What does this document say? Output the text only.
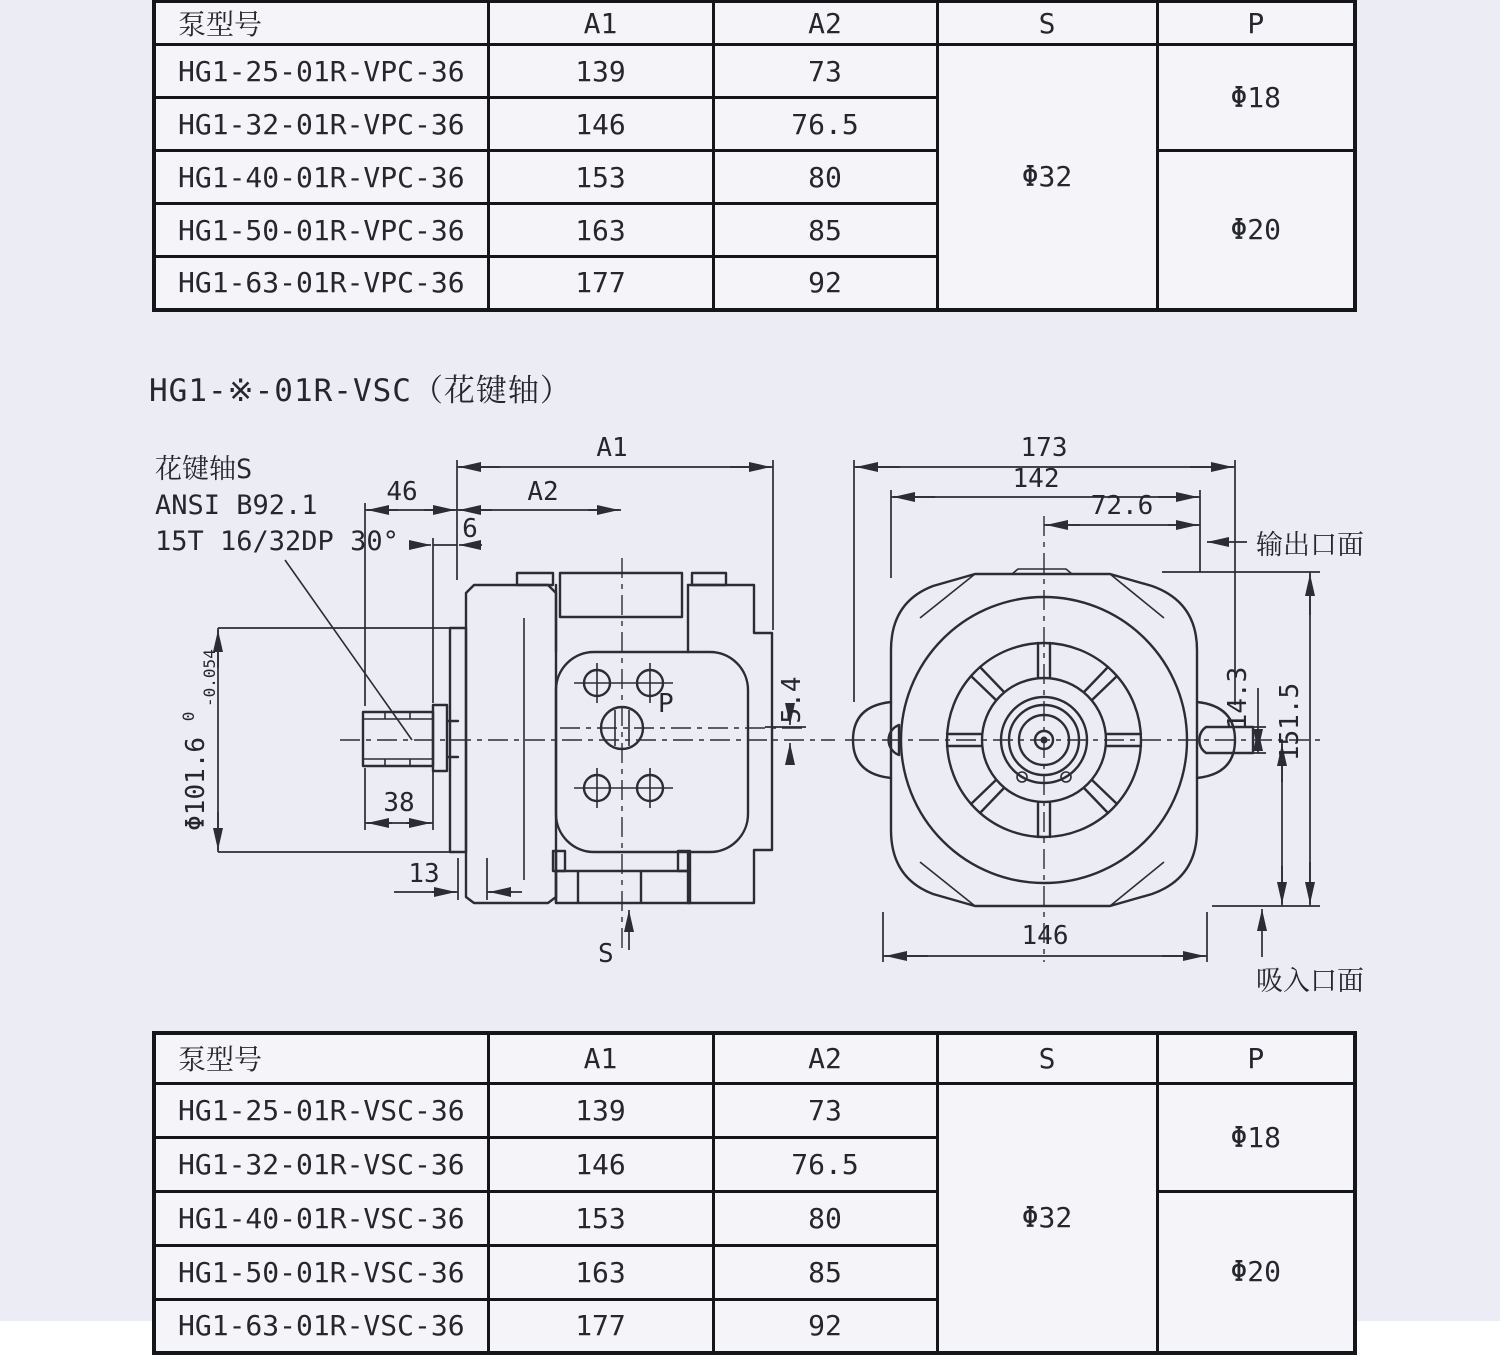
泵型号	A1	A2	S	P
HG1-25-01R-VPC-36	139	73	Φ32	Φ18
HG1-32-01R-VPC-36	146	76.5		
HG1-40-01R-VPC-36	153	80		Φ20
HG1-50-01R-VPC-36	163	85		
HG1-63-01R-VPC-36	177	92		
HG1-※-01R-VSC（花键轴）
花键轴S
ANSI B92.1
15T 16/32DP 30°
A1
46	A2
6
38
13
P
S
Φ101.6 $^0$ -0.054	5.4
173
142
72.6
146
输出口面
吸入口面
14.3 151.5
泵型号	A1	A2	S	P
HG1-25-01R-VSC-36	139	73	Φ32	Φ18
HG1-32-01R-VSC-36	146	76.5		
HG1-40-01R-VSC-36	153	80		Φ20
HG1-50-01R-VSC-36	163	85		
HG1-63-01R-VSC-36	177	92		
